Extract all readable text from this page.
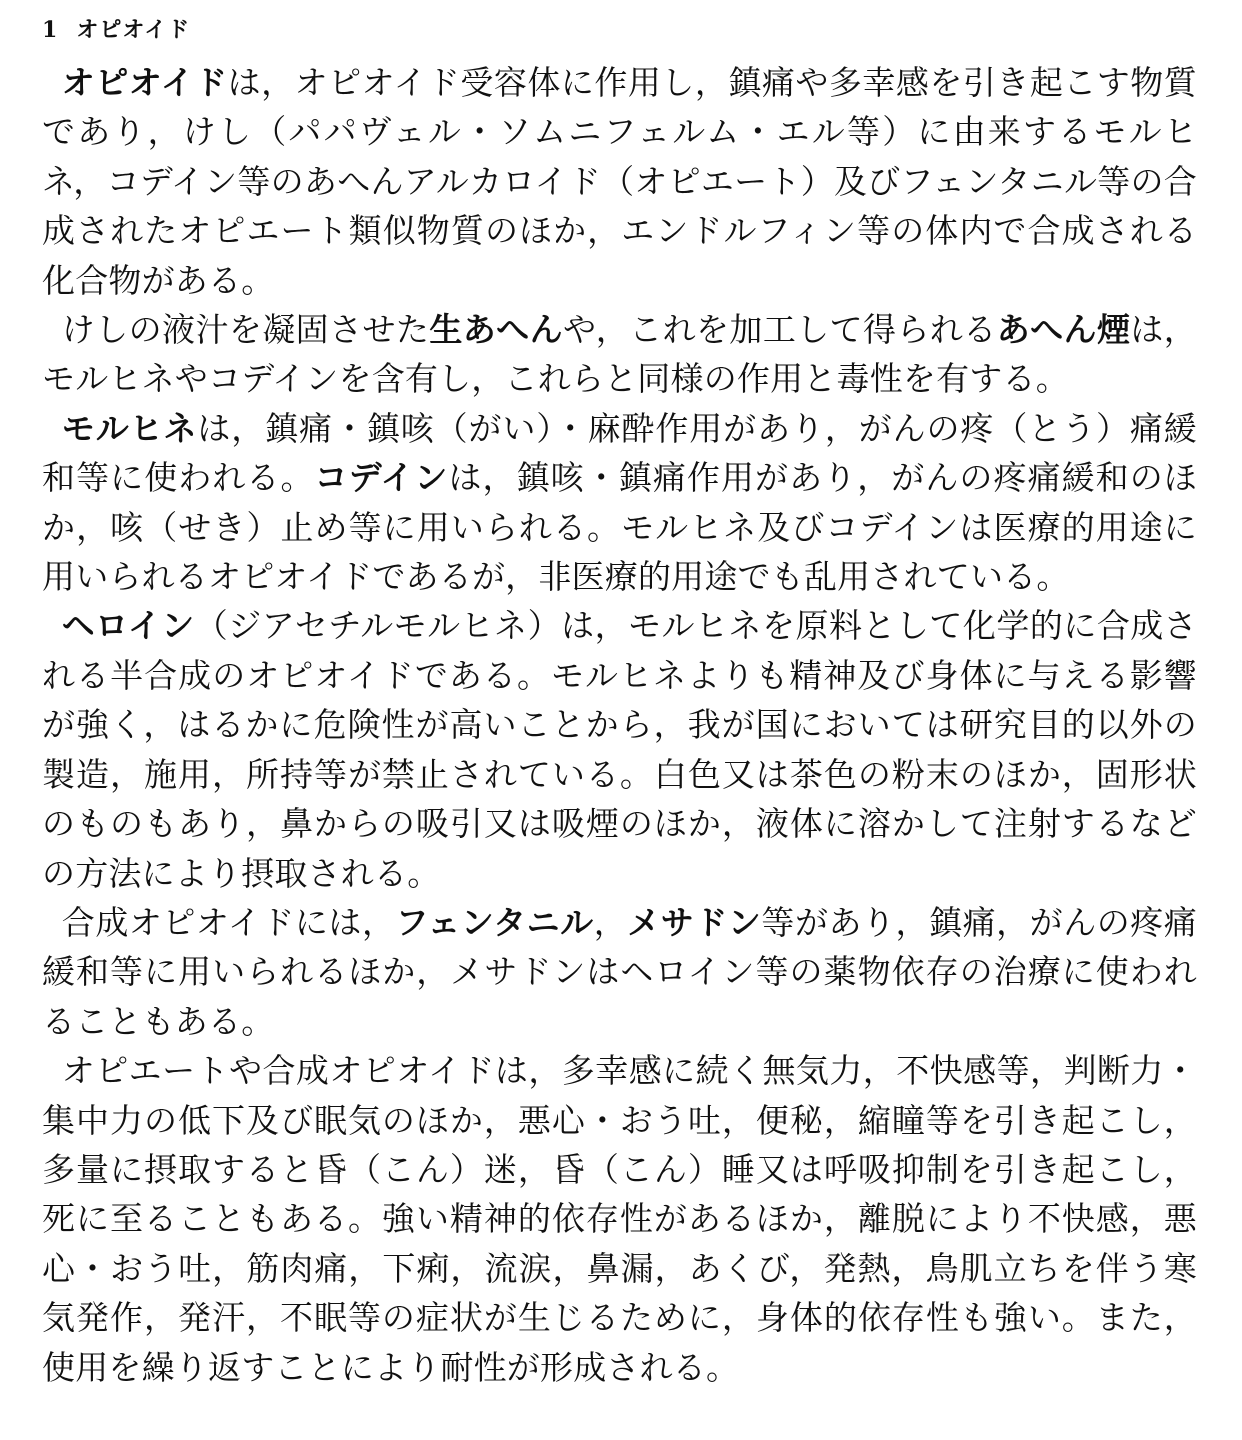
1 オピオイド

オピオイドは，オピオイド受容体に作用し，鎮痛や多幸感を引き起こす物質であり，けし（パパヴェル・ソムニフェルム・エル等）に由来するモルヒネ，コデイン等のあへんアルカロイド（オピエート）及びフェンタニル等の合成されたオピエート類似物質のほか，エンドルフィン等の体内で合成される化合物がある。

けしの液汁を凝固させた生あへんや，これを加工して得られるあへん煙は，モルヒネやコデインを含有し，これらと同様の作用と毒性を有する。

モルヒネは，鎮痛・鎮咳（がい）・麻酔作用があり，がんの疼（とう）痛緩和等に使われる。コデインは，鎮咳・鎮痛作用があり，がんの疼痛緩和のほか，咳（せき）止め等に用いられる。モルヒネ及びコデインは医療的用途に用いられるオピオイドであるが，非医療的用途でも乱用されている。

ヘロイン（ジアセチルモルヒネ）は，モルヒネを原料として化学的に合成される半合成のオピオイドである。モルヒネよりも精神及び身体に与える影響が強く，はるかに危険性が高いことから，我が国においては研究目的以外の製造，施用，所持等が禁止されている。白色又は茶色の粉末のほか，固形状のものもあり，鼻からの吸引又は吸煙のほか，液体に溶かして注射するなどの方法により摂取される。

合成オピオイドには，フェンタニル，メサドン等があり，鎮痛，がんの疼痛緩和等に用いられるほか，メサドンはヘロイン等の薬物依存の治療に使われることもある。

オピエートや合成オピオイドは，多幸感に続く無気力，不快感等，判断力・集中力の低下及び眠気のほか，悪心・おう吐，便秘，縮瞳等を引き起こし，多量に摂取すると昏（こん）迷，昏（こん）睡又は呼吸抑制を引き起こし，死に至ることもある。強い精神的依存性があるほか，離脱により不快感，悪心・おう吐，筋肉痛，下痢，流涙，鼻漏，あくび，発熱，鳥肌立ちを伴う寒気発作，発汗，不眠等の症状が生じるために，身体的依存性も強い。また，使用を繰り返すことにより耐性が形成される。
